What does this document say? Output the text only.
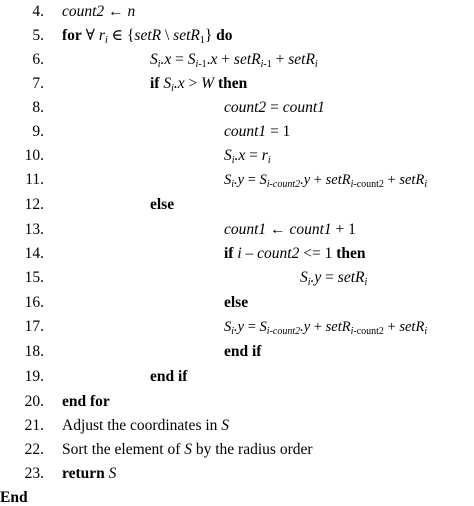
4. count2 ← n
5. for ∀ $r_i$ ∈ {setR \ setR$_1$} do
6.	$S_i.x = S_{i-1}.x$ + setR$_{i-1}$ + setR$_i$
7.	if $S_i.x > W$ then
8.	count2 = count1
9.	count1 = 1
10.	$S_i.x = r_i$
11.	$S_i.y = S_{i-count2}.y$ + setR$_{i-count2}$ + setR$_i$
12.	else
13.	count1 ← count1 + 1
14.	if i – count2 <= 1 then
15.	$S_i.y$ = setR$_i$
16.	else
17.	$S_i.y = S_{i-count2}.y$ + setR$_{i-count2}$ + setR$_i$
18.	end if
19.	end if
20. end for
21. Adjust the coordinates in S
22. Sort the element of S by the radius order
23. return S
End
